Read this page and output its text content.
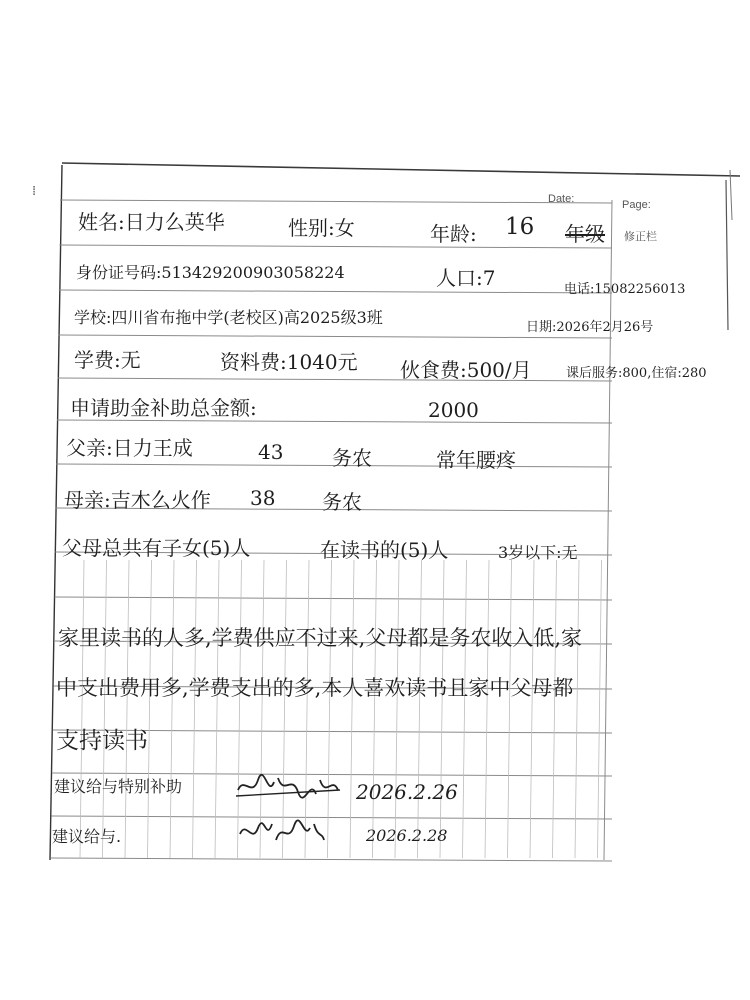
⁞	Date:	Page:
修正栏
姓名:日力么英华	性别:女	年龄: 16 年级
身份证号码:513429200903058224	人口:7	电话:15082256013
学校:四川省布拖中学(老校区)高2025级3班
日期:2026年2月26号
学费:无	资料费:1040元 伙食费:500/月	课后服务:800,住宿:280
申请助金补助总金额:	2000
父亲:日力王成	43 务农	常年腰疼
母亲:吉木么火作 38 务农
父母总共有子女(5)人	在读书的(5)人	3岁以下:无
家里读书的人多,学费供应不过来,父母都是务农收入低,家
中支出费用多,学费支出的多,本人喜欢读书且家中父母都
支持读书
建议给与特别补助	2026.2.26
建议给与.	2026.2.28
